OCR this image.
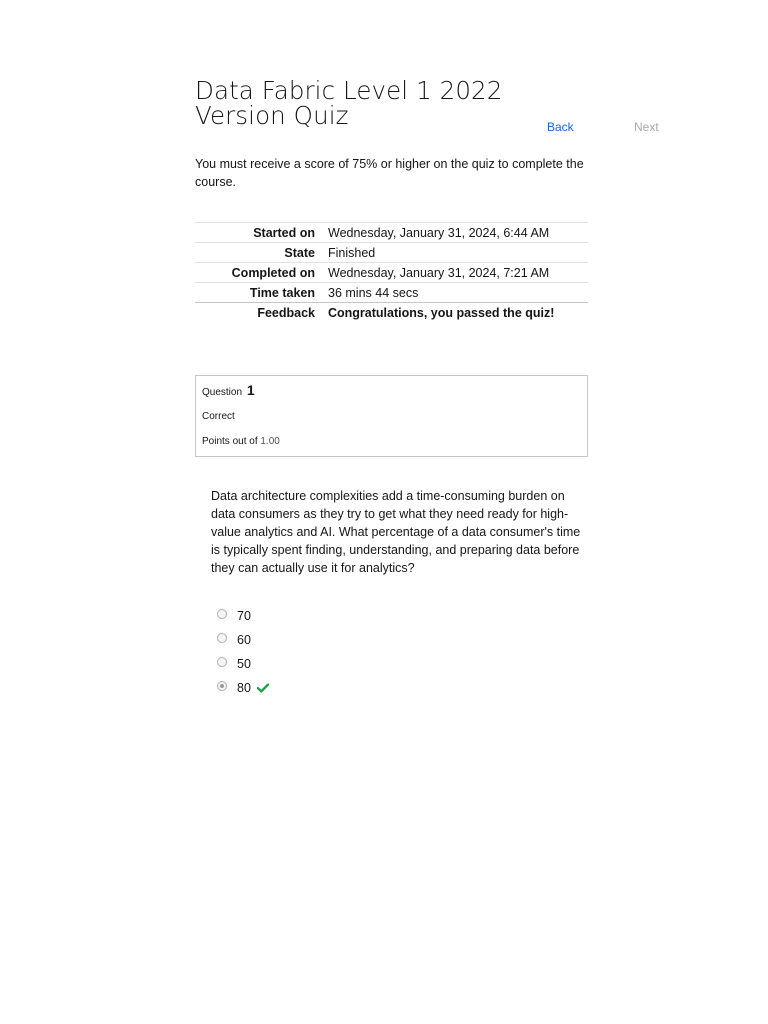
Data Fabric Level 1 2022 Version Quiz	Back	Next

You must receive a score of 75% or higher on the quiz to complete the course.

Started on	Wednesday, January 31, 2024, 6:44 AM
State	Finished
Completed on	Wednesday, January 31, 2024, 7:21 AM
Time taken	36 mins 44 secs
Feedback	Congratulations, you passed the quiz!
Question 1
Correct
Points out of 1.00

Data architecture complexities add a time-consuming burden on data consumers as they try to get what they need ready for high-value analytics and AI. What percentage of a data consumer's time is typically spent finding, understanding, and preparing data before they can actually use it for analytics?

70
60
50
80
